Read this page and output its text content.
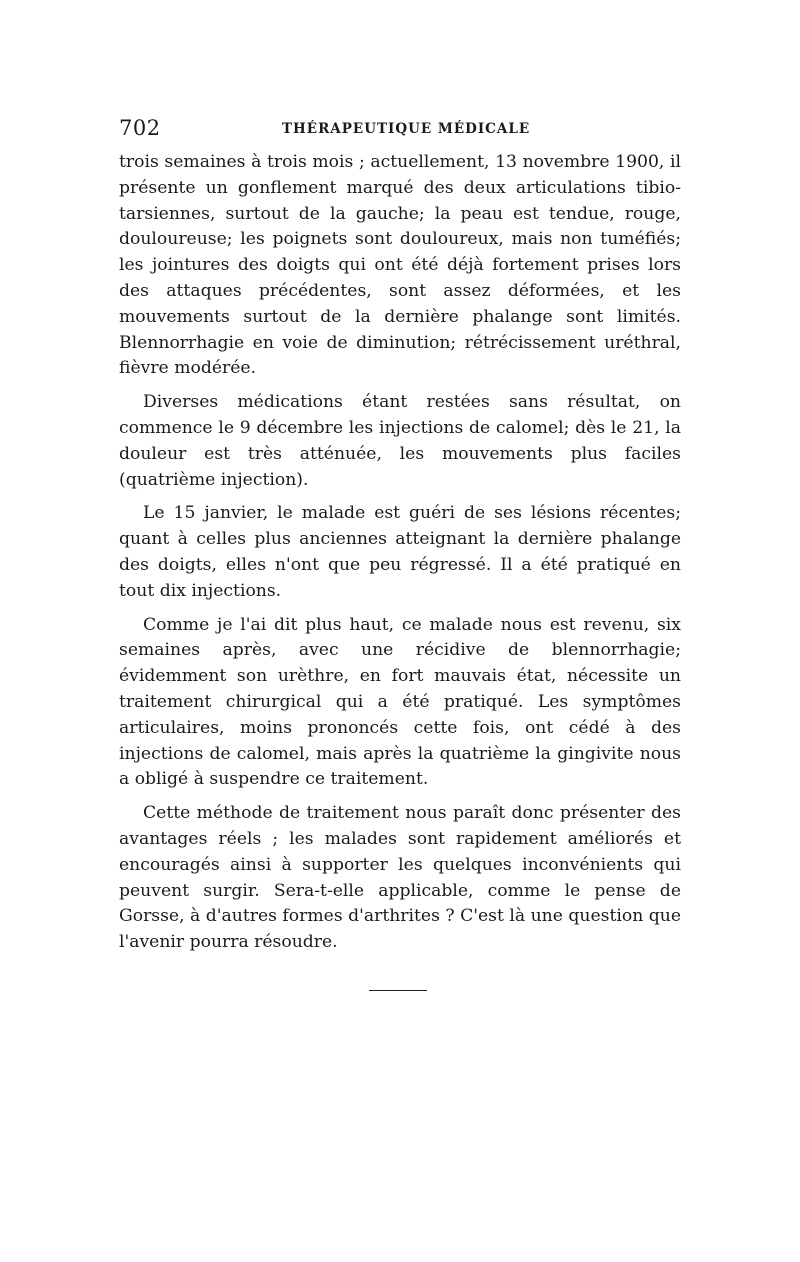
702	THÉRAPEUTIQUE MÉDICALE

trois semaines à trois mois ; actuellement, 13 novembre 1900, il présente un gonflement marqué des deux articulations tibio-tarsiennes, surtout de la gauche; la peau est tendue, rouge, douloureuse; les poignets sont douloureux, mais non tuméfiés; les jointures des doigts qui ont été déjà fortement prises lors des attaques précédentes, sont assez déformées, et les mouvements surtout de la dernière phalange sont limités. Blennorrhagie en voie de diminution; rétrécissement uréthral, fièvre modérée.

Diverses médications étant restées sans résultat, on commence le 9 décembre les injections de calomel; dès le 21, la douleur est très atténuée, les mouvements plus faciles (quatrième injection).

Le 15 janvier, le malade est guéri de ses lésions récentes; quant à celles plus anciennes atteignant la dernière phalange des doigts, elles n'ont que peu régressé. Il a été pratiqué en tout dix injections.

Comme je l'ai dit plus haut, ce malade nous est revenu, six semaines après, avec une récidive de blennorrhagie; évidemment son urèthre, en fort mauvais état, nécessite un traitement chirurgical qui a été pratiqué. Les symptômes articulaires, moins prononcés cette fois, ont cédé à des injections de calomel, mais après la quatrième la gingivite nous a obligé à suspendre ce traitement.

Cette méthode de traitement nous paraît donc présenter des avantages réels ; les malades sont rapidement améliorés et encouragés ainsi à supporter les quelques inconvénients qui peuvent surgir. Sera-t-elle applicable, comme le pense de Gorsse, à d'autres formes d'arthrites ? C'est là une question que l'avenir pourra résoudre.
